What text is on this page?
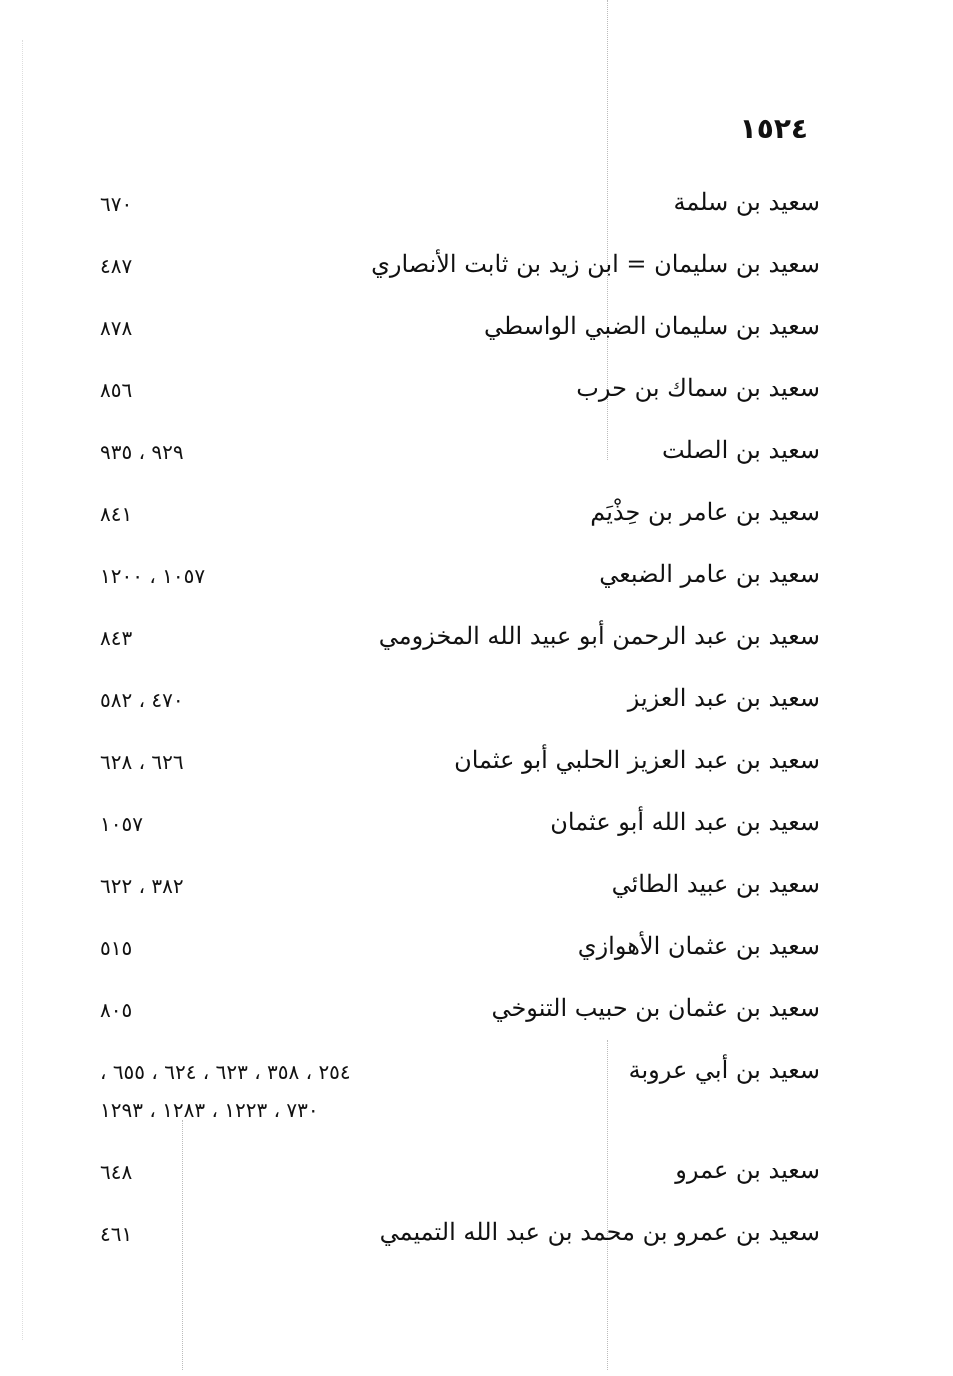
١٥٢٤
سعيد بن سلمة
٦٧٠
سعيد بن سليمان = ابن زيد بن ثابت الأنصاري
٤٨٧
سعيد بن سليمان الضبي الواسطي
٨٧٨
سعيد بن سماك بن حرب
٨٥٦
سعيد بن الصلت
٩٢٩ ، ٩٣٥
سعيد بن عامر بن حِذْيَم
٨٤١
سعيد بن عامر الضبعي
١٠٥٧ ، ١٢٠٠
سعيد بن عبد الرحمن أبو عبيد الله المخزومي
٨٤٣
سعيد بن عبد العزيز
٤٧٠ ، ٥٨٢
سعيد بن عبد العزيز الحلبي أبو عثمان
٦٢٦ ، ٦٢٨
سعيد بن عبد الله أبو عثمان
١٠٥٧
سعيد بن عبيد الطائي
٣٨٢ ، ٦٢٢
سعيد بن عثمان الأهوازي
٥١٥
سعيد بن عثمان بن حبيب التنوخي
٨٠٥
سعيد بن أبي عروبة
٢٥٤ ، ٣٥٨ ، ٦٢٣ ، ٦٢٤ ، ٦٥٥ ،
٧٣٠ ، ١٢٢٣ ، ١٢٨٣ ، ١٢٩٣
سعيد بن عمرو
٦٤٨
سعيد بن عمرو بن محمد بن عبد الله التميمي
٤٦١
